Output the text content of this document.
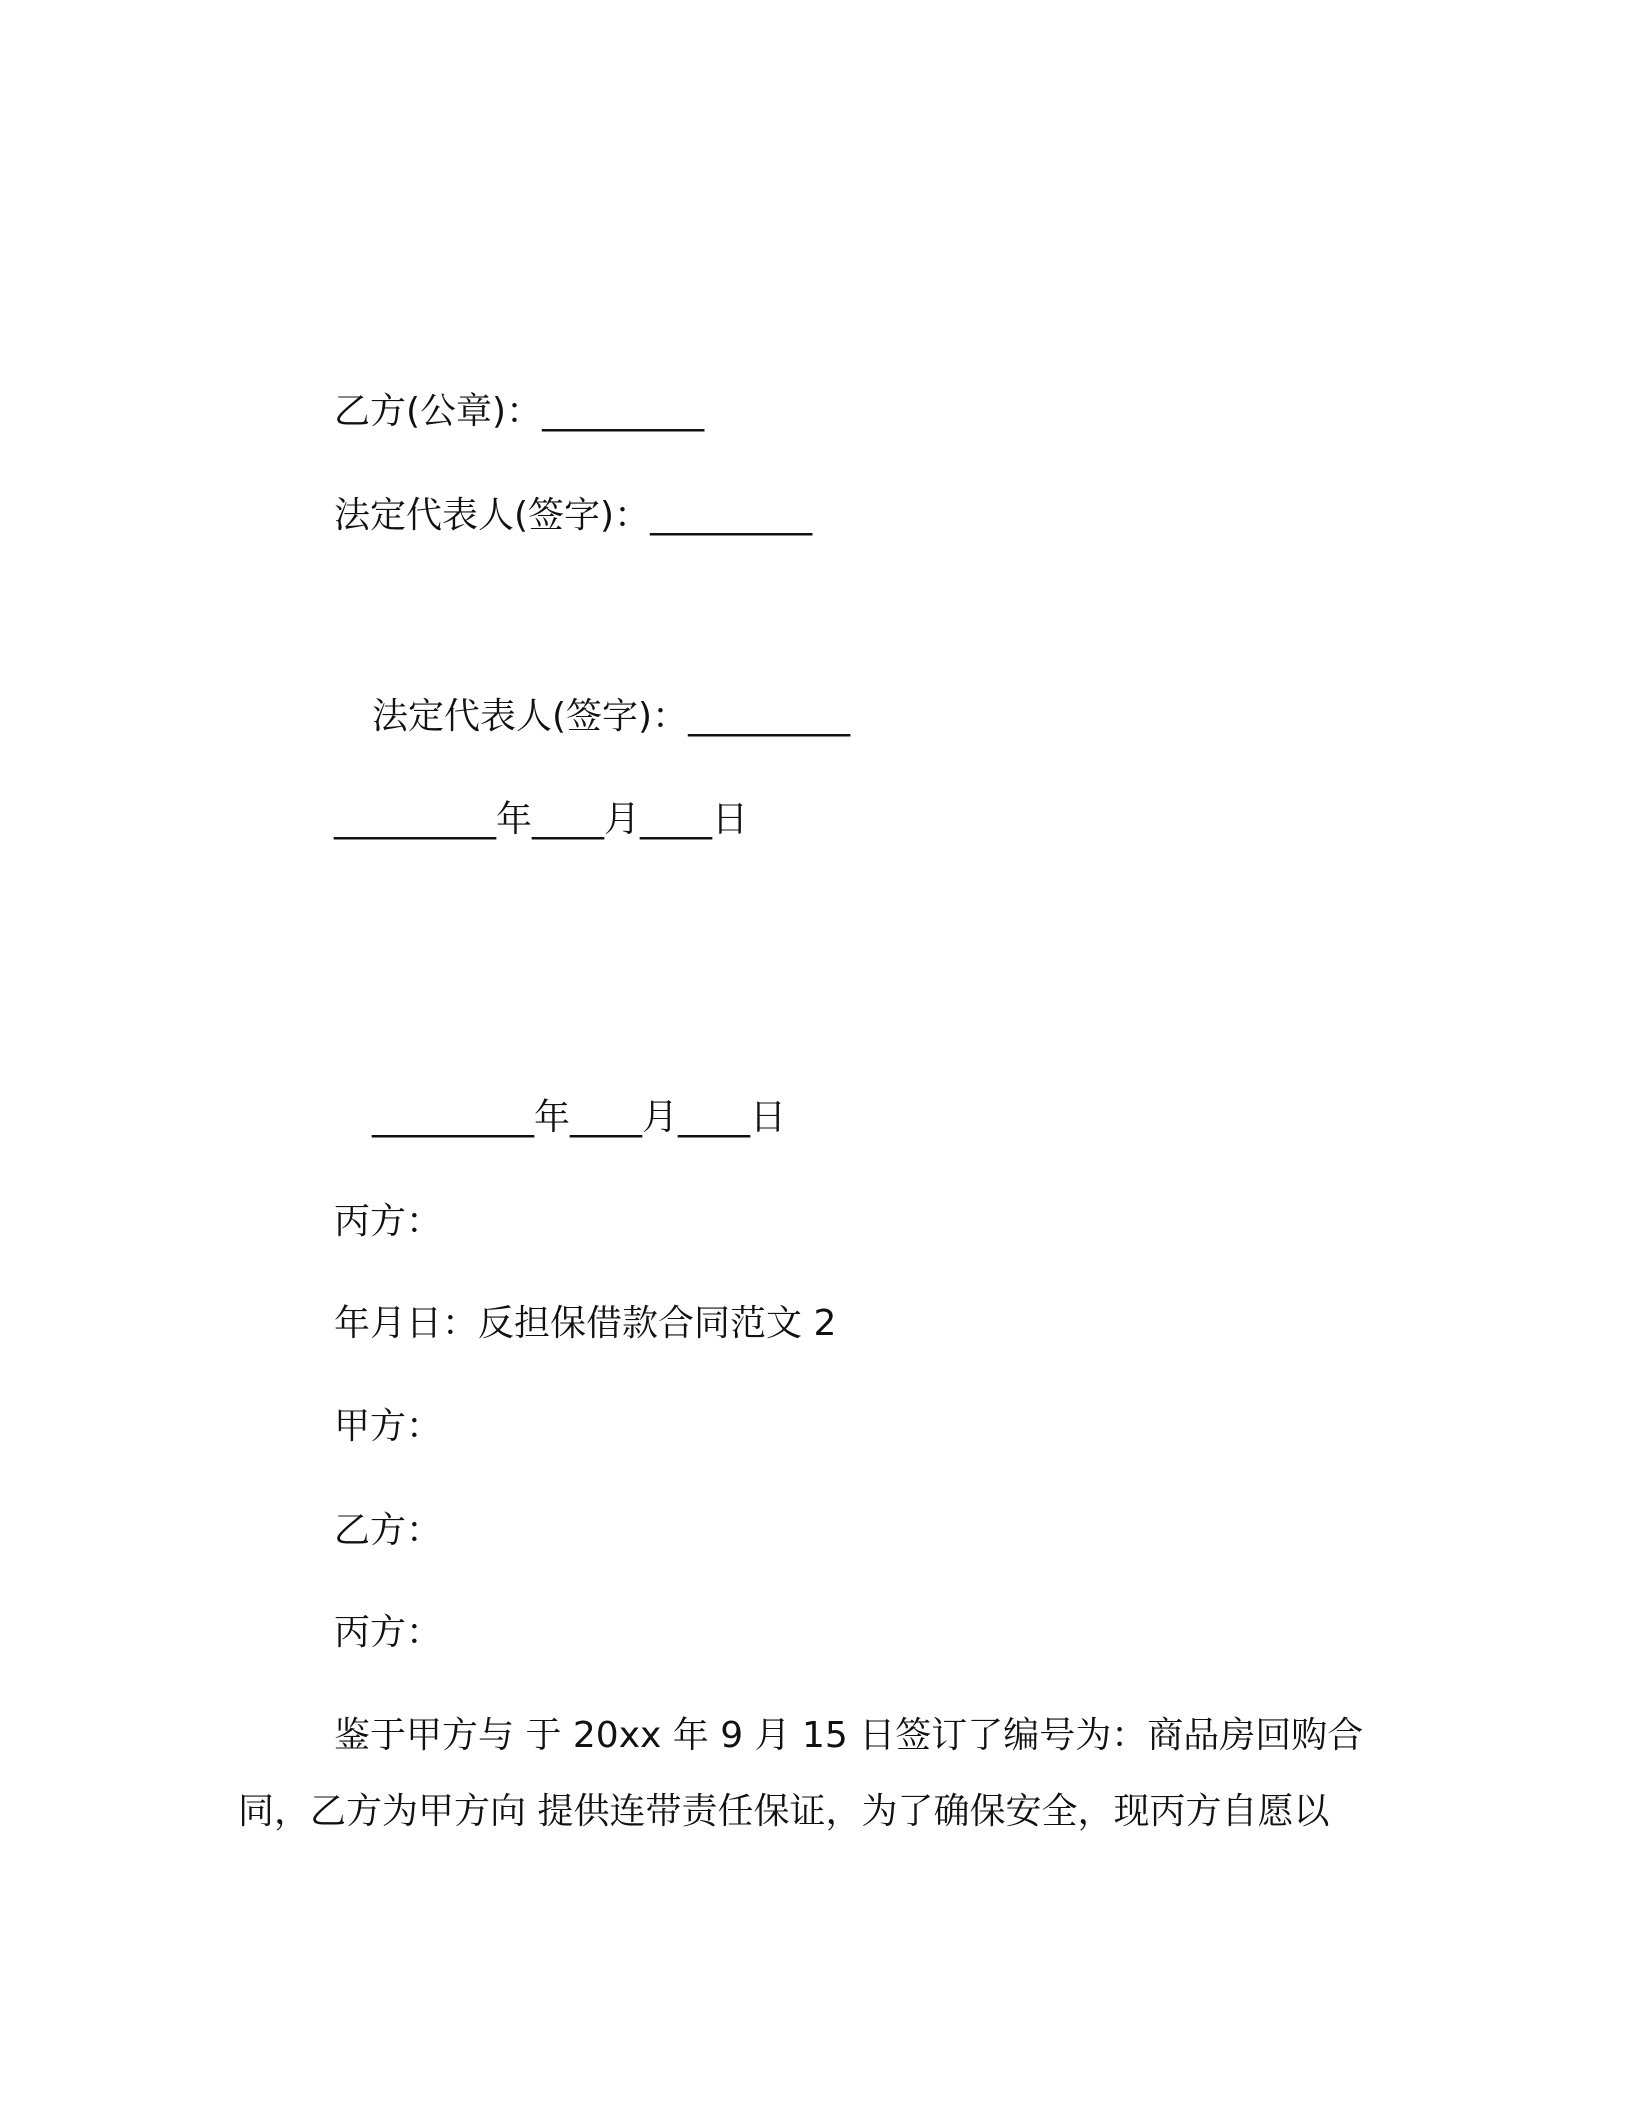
乙方(公章)：_________

法定代表人(签字)：_________

法定代表人(签字)：_________

_________年____月____日

_________年____月____日

丙方：

年月日：反担保借款合同范文 2

甲方：

乙方：

丙方：

鉴于甲方与 于 20xx 年 9 月 15 日签订了编号为：商品房回购合

同，乙方为甲方向 提供连带责任保证，为了确保安全，现丙方自愿以
